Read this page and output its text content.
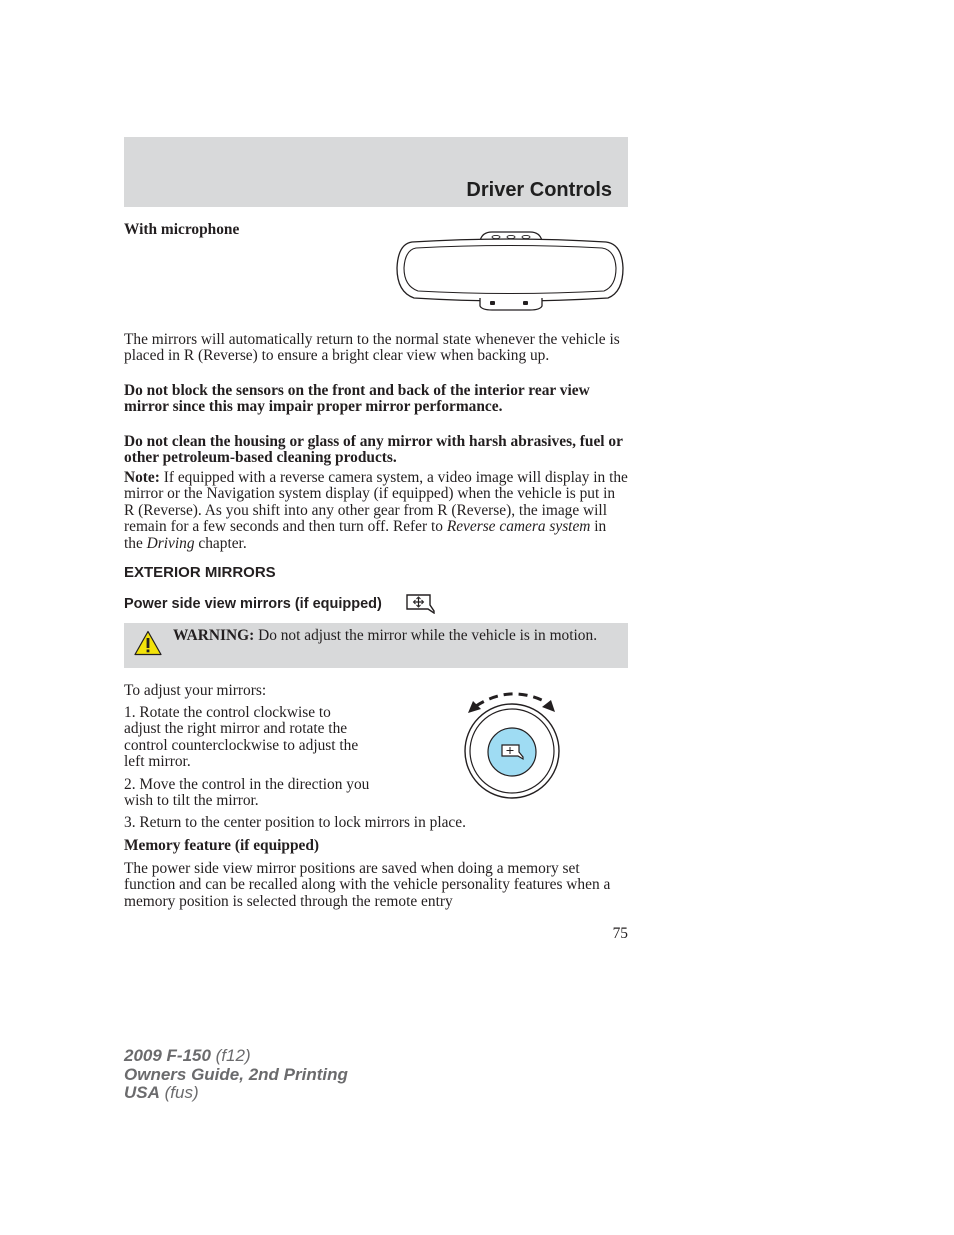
Driver Controls
With microphone

The mirrors will automatically return to the normal state whenever the vehicle is placed in R (Reverse) to ensure a bright clear view when backing up.

Do not block the sensors on the front and back of the interior rear view mirror since this may impair proper mirror performance.

Do not clean the housing or glass of any mirror with harsh abrasives, fuel or other petroleum-based cleaning products.

Note: If equipped with a reverse camera system, a video image will display in the mirror or the Navigation system display (if equipped) when the vehicle is put in R (Reverse). As you shift into any other gear from R (Reverse), the image will remain for a few seconds and then turn off. Refer to Reverse camera system in the Driving chapter.

EXTERIOR MIRRORS
Power side view mirrors (if equipped)

WARNING: Do not adjust the mirror while the vehicle is in motion.

To adjust your mirrors:

1. Rotate the control clockwise to adjust the right mirror and rotate the control counterclockwise to adjust the left mirror.

2. Move the control in the direction you wish to tilt the mirror.

3. Return to the center position to lock mirrors in place.

Memory feature (if equipped)

The power side view mirror positions are saved when doing a memory set function and can be recalled along with the vehicle personality features when a memory position is selected through the remote entry

75
2009 F-150 (f12)
Owners Guide, 2nd Printing
USA (fus)
